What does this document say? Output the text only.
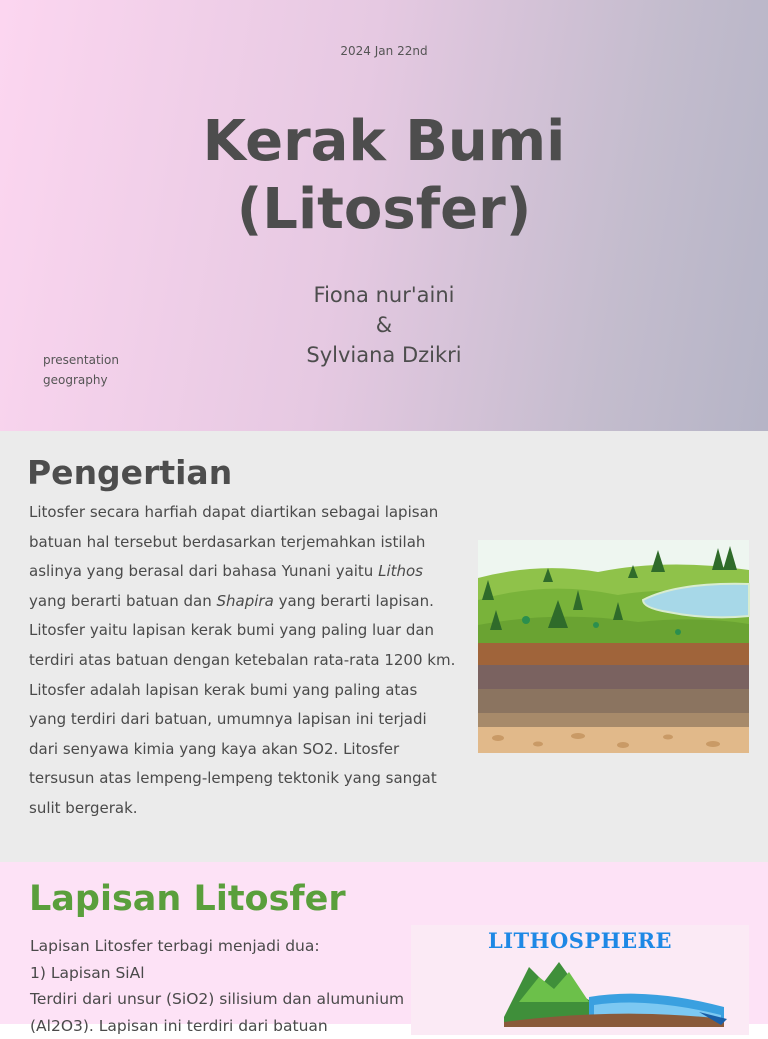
2024 Jan 22nd
Kerak Bumi
(Litosfer)
Fiona nur'aini
&
Sylviana Dzikri
presentation
geography
Pengertian

Litosfer secara harfiah dapat diartikan sebagai lapisan batuan hal tersebut berdasarkan terjemahkan istilah aslinya yang berasal dari bahasa Yunani yaitu Lithos yang berarti batuan dan Shapira yang berarti lapisan. Litosfer yaitu lapisan kerak bumi yang paling luar dan terdiri atas batuan dengan ketebalan rata-rata 1200 km. Litosfer adalah lapisan kerak bumi yang paling atas yang terdiri dari batuan, umumnya lapisan ini terjadi dari senyawa kimia yang kaya akan SO2. Litosfer tersusun atas lempeng-lempeng tektonik yang sangat sulit bergerak.

Lapisan Litosfer
Lapisan Litosfer terbagi menjadi dua:
1) Lapisan SiAl
Terdiri dari unsur (SiO2) silisium dan alumunium
(Al2O3). Lapisan ini terdiri dari batuan
LITHOSPHERE
